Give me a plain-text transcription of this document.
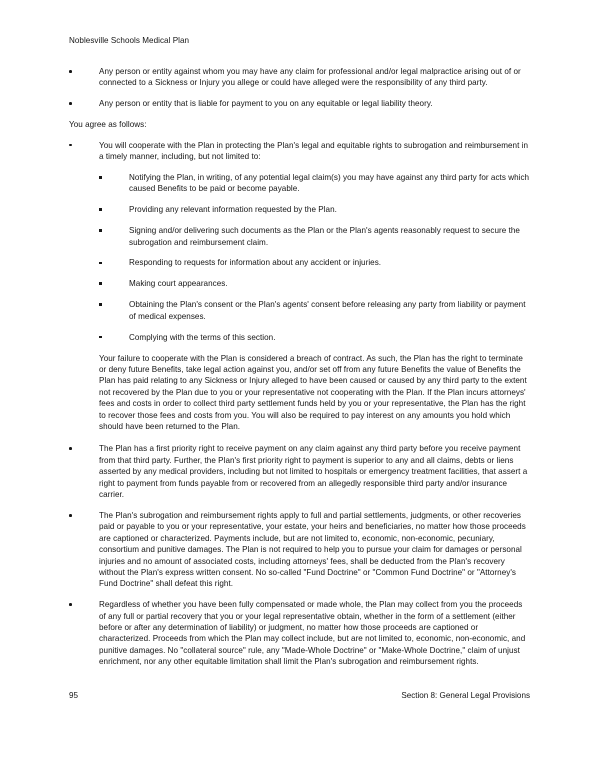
Noblesville Schools Medical Plan
Any person or entity against whom you may have any claim for professional and/or legal malpractice arising out of or connected to a Sickness or Injury you allege or could have alleged were the responsibility of any third party.
Any person or entity that is liable for payment to you on any equitable or legal liability theory.
You agree as follows:
You will cooperate with the Plan in protecting the Plan's legal and equitable rights to subrogation and reimbursement in a timely manner, including, but not limited to:
Notifying the Plan, in writing, of any potential legal claim(s) you may have against any third party for acts which caused Benefits to be paid or become payable.
Providing any relevant information requested by the Plan.
Signing and/or delivering such documents as the Plan or the Plan's agents reasonably request to secure the subrogation and reimbursement claim.
Responding to requests for information about any accident or injuries.
Making court appearances.
Obtaining the Plan's consent or the Plan's agents' consent before releasing any party from liability or payment of medical expenses.
Complying with the terms of this section.
Your failure to cooperate with the Plan is considered a breach of contract. As such, the Plan has the right to terminate or deny future Benefits, take legal action against you, and/or set off from any future Benefits the value of Benefits the Plan has paid relating to any Sickness or Injury alleged to have been caused or caused by any third party to the extent not recovered by the Plan due to you or your representative not cooperating with the Plan. If the Plan incurs attorneys' fees and costs in order to collect third party settlement funds held by you or your representative, the Plan has the right to recover those fees and costs from you. You will also be required to pay interest on any amounts you hold which should have been returned to the Plan.
The Plan has a first priority right to receive payment on any claim against any third party before you receive payment from that third party. Further, the Plan's first priority right to payment is superior to any and all claims, debts or liens asserted by any medical providers, including but not limited to hospitals or emergency treatment facilities, that assert a right to payment from funds payable from or recovered from an allegedly responsible third party and/or insurance carrier.
The Plan's subrogation and reimbursement rights apply to full and partial settlements, judgments, or other recoveries paid or payable to you or your representative, your estate, your heirs and beneficiaries, no matter how those proceeds are captioned or characterized. Payments include, but are not limited to, economic, non-economic, pecuniary, consortium and punitive damages. The Plan is not required to help you to pursue your claim for damages or personal injuries and no amount of associated costs, including attorneys' fees, shall be deducted from the Plan's recovery without the Plan's express written consent. No so-called "Fund Doctrine" or "Common Fund Doctrine" or "Attorney's Fund Doctrine" shall defeat this right.
Regardless of whether you have been fully compensated or made whole, the Plan may collect from you the proceeds of any full or partial recovery that you or your legal representative obtain, whether in the form of a settlement (either before or after any determination of liability) or judgment, no matter how those proceeds are captioned or characterized. Proceeds from which the Plan may collect include, but are not limited to, economic, non-economic, and punitive damages. No "collateral source" rule, any "Made-Whole Doctrine" or "Make-Whole Doctrine," claim of unjust enrichment, nor any other equitable limitation shall limit the Plan's subrogation and reimbursement rights.
95	Section 8: General Legal Provisions
